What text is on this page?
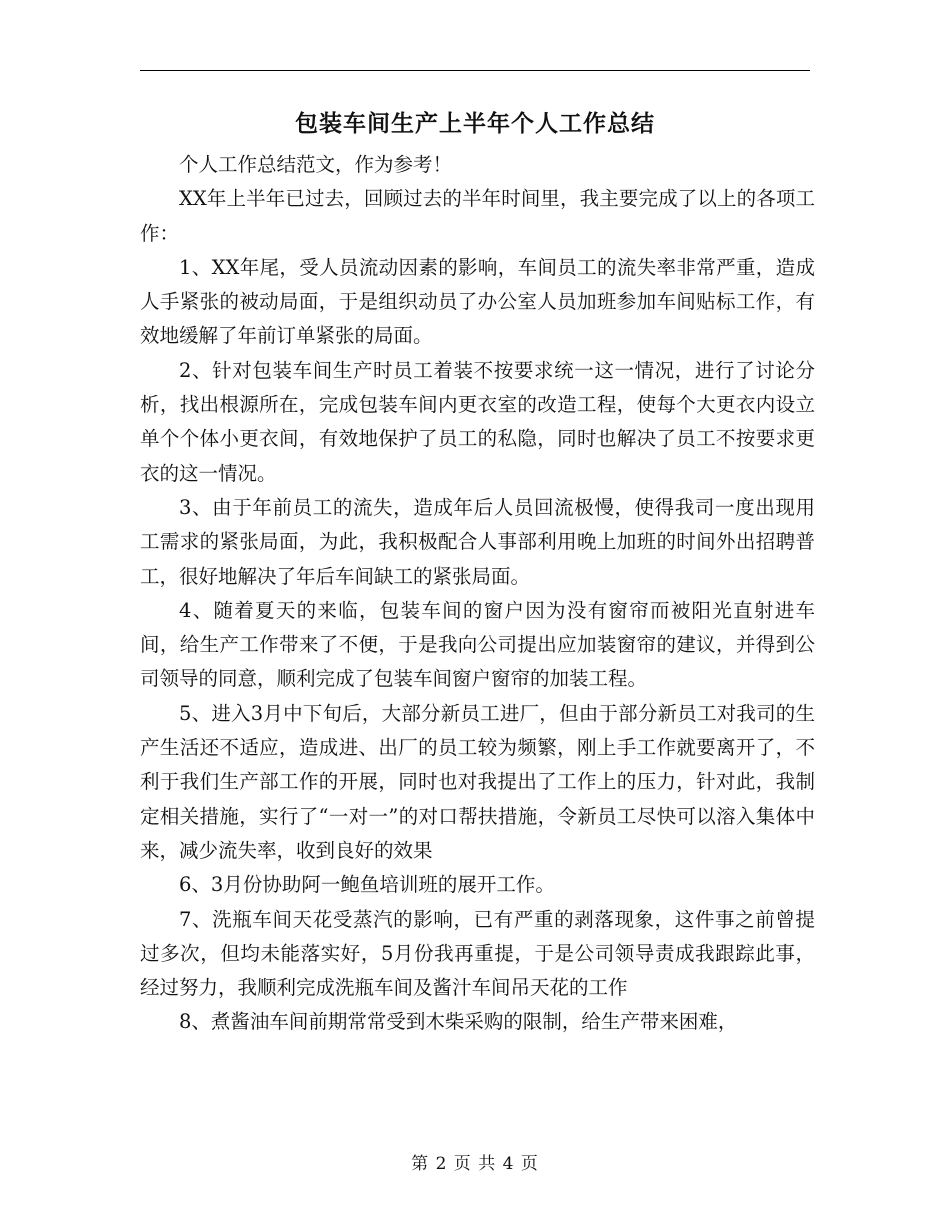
包装车间生产上半年个人工作总结

个人工作总结范文，作为参考！

XX年上半年已过去，回顾过去的半年时间里，我主要完成了以上的各项工作：

1、XX年尾，受人员流动因素的影响，车间员工的流失率非常严重，造成人手紧张的被动局面，于是组织动员了办公室人员加班参加车间贴标工作，有效地缓解了年前订单紧张的局面。

2、针对包装车间生产时员工着装不按要求统一这一情况，进行了讨论分析，找出根源所在，完成包装车间内更衣室的改造工程，使每个大更衣内设立单个个体小更衣间，有效地保护了员工的私隐，同时也解决了员工不按要求更衣的这一情况。

3、由于年前员工的流失，造成年后人员回流极慢，使得我司一度出现用工需求的紧张局面，为此，我积极配合人事部利用晚上加班的时间外出招聘普工，很好地解决了年后车间缺工的紧张局面。

4、随着夏天的来临，包装车间的窗户因为没有窗帘而被阳光直射进车间，给生产工作带来了不便，于是我向公司提出应加装窗帘的建议，并得到公司领导的同意，顺利完成了包装车间窗户窗帘的加装工程。

5、进入3月中下旬后，大部分新员工进厂，但由于部分新员工对我司的生产生活还不适应，造成进、出厂的员工较为频繁，刚上手工作就要离开了，不利于我们生产部工作的开展，同时也对我提出了工作上的压力，针对此，我制定相关措施，实行了“一对一”的对口帮扶措施，令新员工尽快可以溶入集体中来，减少流失率，收到良好的效果

6、3月份协助阿一鲍鱼培训班的展开工作。

7、洗瓶车间天花受蒸汽的影响，已有严重的剥落现象，这件事之前曾提过多次，但均未能落实好，5月份我再重提，于是公司领导责成我跟踪此事，经过努力，我顺利完成洗瓶车间及酱汁车间吊天花的工作

8、煮酱油车间前期常常受到木柴采购的限制，给生产带来困难，

第 2 页 共 4 页
